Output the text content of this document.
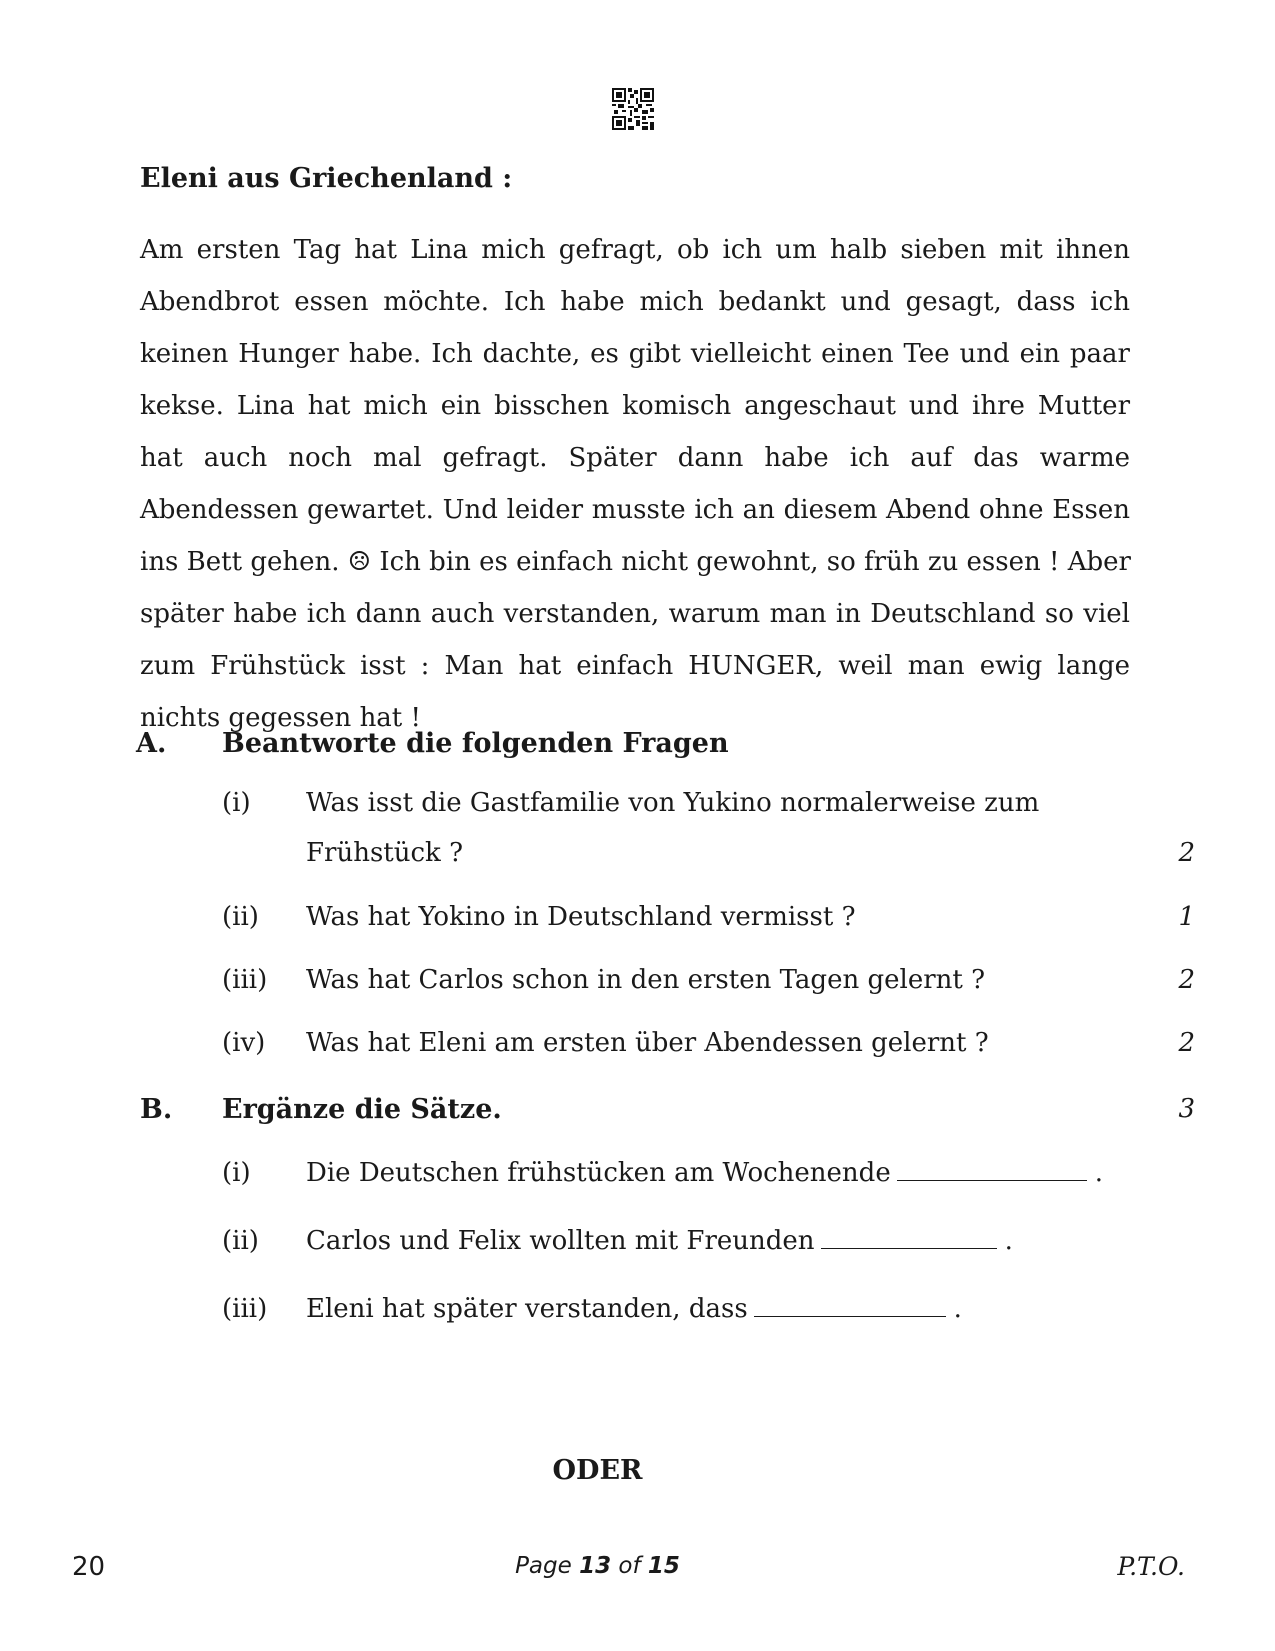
Eleni aus Griechenland :
Am ersten Tag hat Lina mich gefragt, ob ich um halb sieben mit ihnen
Abendbrot essen möchte. Ich habe mich bedankt und gesagt, dass ich
keinen Hunger habe. Ich dachte, es gibt vielleicht einen Tee und ein paar
kekse. Lina hat mich ein bisschen komisch angeschaut und ihre Mutter
hat auch noch mal gefragt. Später dann habe ich auf das warme
Abendessen gewartet. Und leider musste ich an diesem Abend ohne Essen
ins Bett gehen. ☹ Ich bin es einfach nicht gewohnt, so früh zu essen ! Aber
später habe ich dann auch verstanden, warum man in Deutschland so viel
zum Frühstück isst : Man hat einfach HUNGER, weil man ewig lange
nichts gegessen hat !
A. Beantworte die folgenden Fragen
(i) Was isst die Gastfamilie von Yukino normalerweise zum
Frühstück ?	2
(ii) Was hat Yokino in Deutschland vermisst ?	1
(iii) Was hat Carlos schon in den ersten Tagen gelernt ?	2
(iv) Was hat Eleni am ersten über Abendessen gelernt ?	2
B. Ergänze die Sätze.	3
(i) Die Deutschen frühstücken am Wochenende	.
(ii) Carlos und Felix wollten mit Freunden	.
(iii) Eleni hat später verstanden, dass	.
ODER
20	Page 13 of 15	P.T.O.
